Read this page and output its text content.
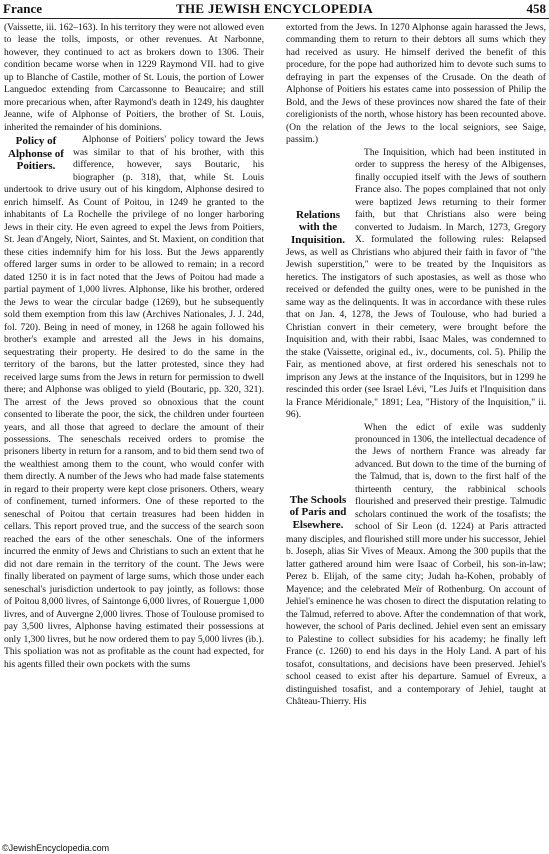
France	THE JEWISH ENCYCLOPEDIA	458

(Vaissette, iii. 162–163). In his territory they were not allowed even to lease the tolls, imposts, or other revenues. At Narbonne, however, they continued to act as brokers down to 1306. Their condition became worse when in 1229 Raymond VII. had to give up to Blanche of Castile, mother of St. Louis, the portion of Lower Languedoc extending from Carcassonne to Beaucaire; and still more precarious when, after Raymond's death in 1249, his daughter Jeanne, wife of Alphonse of Poitiers, the brother of St. Louis, inherited the remainder of his dominions.

Policy of Alphonse of Poitiers.

Alphonse of Poitiers' policy toward the Jews was similar to that of his brother, with this difference, however, says Boutaric, his biographer (p. 318), that, while St. Louis undertook to drive usury out of his kingdom, Alphonse desired to enrich himself. As Count of Poitou, in 1249 he granted to the inhabitants of La Rochelle the privilege of no longer harboring Jews in their city. He even agreed to expel the Jews from Poitiers, St. Jean d'Angely, Niort, Saintes, and St. Maxient, on condition that these cities indemnify him for his loss. But the Jews apparently offered larger sums in order to be allowed to remain; in a record dated 1250 it is in fact noted that the Jews of Poitou had made a partial payment of 1,000 livres. Alphonse, like his brother, ordered the Jews to wear the circular badge (1269), but he subsequently sold them exemption from this law (Archives Nationales, J. J. 24d, fol. 720). Being in need of money, in 1268 he again followed his brother's example and arrested all the Jews in his domains, sequestrating their property. He desired to do the same in the territory of the barons, but the latter protested, since they had received large sums from the Jews in return for permission to dwell there; and Alphonse was obliged to yield (Boutaric, pp. 320, 321). The arrest of the Jews proved so obnoxious that the count consented to liberate the poor, the sick, the children under fourteen years, and all those that agreed to declare the amount of their possessions. The seneschals received orders to promise the prisoners liberty in return for a ransom, and to bid them send two of the wealthiest among them to the count, who would confer with them directly. A number of the Jews who had made false statements in regard to their property were kept close prisoners. Others, weary of confinement, turned informers. One of these reported to the seneschal of Poitou that certain treasures had been hidden in cellars. This report proved true, and the success of the search soon reached the ears of the other seneschals. One of the informers incurred the enmity of Jews and Christians to such an extent that he did not dare remain in the territory of the count. The Jews were finally liberated on payment of large sums, which those under each seneschal's jurisdiction undertook to pay jointly, as follows: those of Poitou 8,000 livres, of Saintonge 6,000 livres, of Rouergue 1,000 livres, and of Auvergne 2,000 livres. Those of Toulouse promised to pay 3,500 livres, Alphonse having estimated their possessions at only 1,300 livres, but he now ordered them to pay 5,000 livres (ib.). This spoliation was not as profitable as the count had expected, for his agents filled their own pockets with the sums

extorted from the Jews. In 1270 Alphonse again harassed the Jews, commanding them to return to their debtors all sums which they had received as usury. He himself derived the benefit of this procedure, for the pope had authorized him to devote such sums to defraying in part the expenses of the Crusade. On the death of Alphonse of Poitiers his estates came into possession of Philip the Bold, and the Jews of these provinces now shared the fate of their coreligionists of the north, whose history has been recounted above. (On the relation of the Jews to the local seigniors, see Saige, passim.)

Relations with the Inquisition.

The Inquisition, which had been instituted in order to suppress the heresy of the Albigenses, finally occupied itself with the Jews of southern France also. The popes complained that not only were baptized Jews returning to their former faith, but that Christians also were being converted to Judaism. In March, 1273, Gregory X. formulated the following rules: Relapsed Jews, as well as Christians who abjured their faith in favor of "the Jewish superstition," were to be treated by the Inquisitors as heretics. The instigators of such apostasies, as well as those who received or defended the guilty ones, were to be punished in the same way as the delinquents. It was in accordance with these rules that on Jan. 4, 1278, the Jews of Toulouse, who had buried a Christian convert in their cemetery, were brought before the Inquisition and, with their rabbi, Isaac Males, was condemned to the stake (Vaissette, original ed., iv., documents, col. 5). Philip the Fair, as mentioned above, at first ordered his seneschals not to imprison any Jews at the instance of the Inquisitors, but in 1299 he rescinded this order (see Israel Lévi, "Les Juifs et l'Inquisition dans la France Méridionale," 1891; Lea, "History of the Inquisition," ii. 96).

The Schools of Paris and Elsewhere.

When the edict of exile was suddenly pronounced in 1306, the intellectual decadence of the Jews of northern France was already far advanced. But down to the time of the burning of the Talmud, that is, down to the first half of the thirteenth century, the rabbinical schools flourished and preserved their prestige. Talmudic scholars continued the work of the tosafists; the school of Sir Leon (d. 1224) at Paris attracted many disciples, and flourished still more under his successor, Jehiel b. Joseph, alias Sir Vives of Meaux. Among the 300 pupils that the latter gathered around him were Isaac of Corbeil, his son-in-law; Perez b. Elijah, of the same city; Judah ha-Kohen, probably of Mayence; and the celebrated Meïr of Rothenburg. On account of Jehiel's eminence he was chosen to direct the disputation relating to the Talmud, referred to above. After the condemnation of that work, however, the school of Paris declined. Jehiel even sent an emissary to Palestine to collect subsidies for his academy; he finally left France (c. 1260) to end his days in the Holy Land. A part of his tosafot, consultations, and decisions have been preserved. Jehiel's school ceased to exist after his departure. Samuel of Evreux, a distinguished tosafist, and a contemporary of Jehiel, taught at Château-Thierry. His

©JewishEncyclopedia.com
